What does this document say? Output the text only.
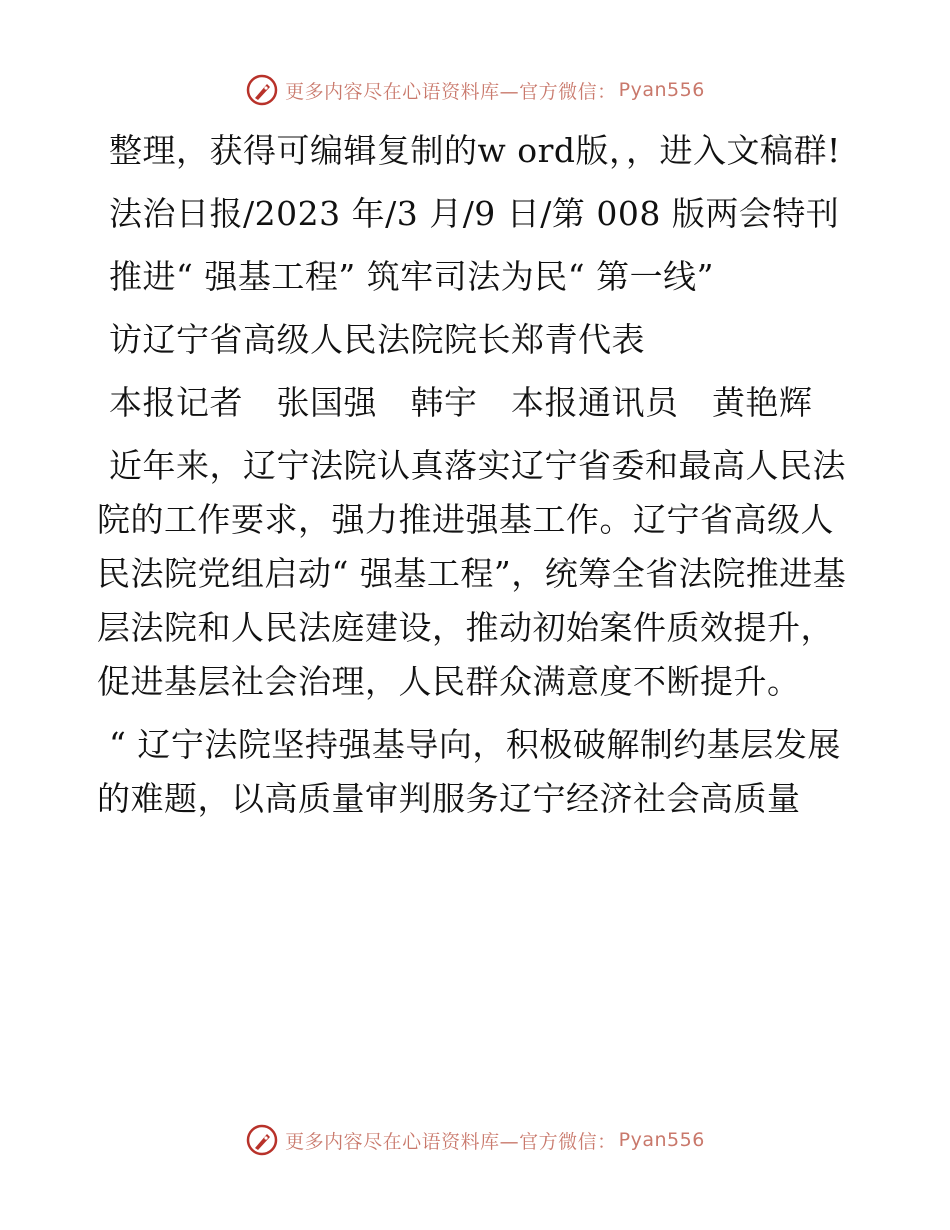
更多内容尽在心语资料库—官方微信： Pyan556

整理，获得可编辑复制的w ord版，，进入文稿群!

法治日报/2023 年/3 月/9 日/第 008 版两会特刊

推进“ 强基工程” 筑牢司法为民“ 第一线”

访辽宁省高级人民法院院长郑青代表

本报记者　张国强　韩宇　本报通讯员　黄艳辉

近年来，辽宁法院认真落实辽宁省委和最高人民法院的工作要求，强力推进强基工作。辽宁省高级人民法院党组启动“ 强基工程”，统筹全省法院推进基层法院和人民法庭建设，推动初始案件质效提升，促进基层社会治理，人民群众满意度不断提升。

“ 辽宁法院坚持强基导向，积极破解制约基层发展的难题，以高质量审判服务辽宁经济社会高质量

更多内容尽在心语资料库—官方微信： Pyan556
